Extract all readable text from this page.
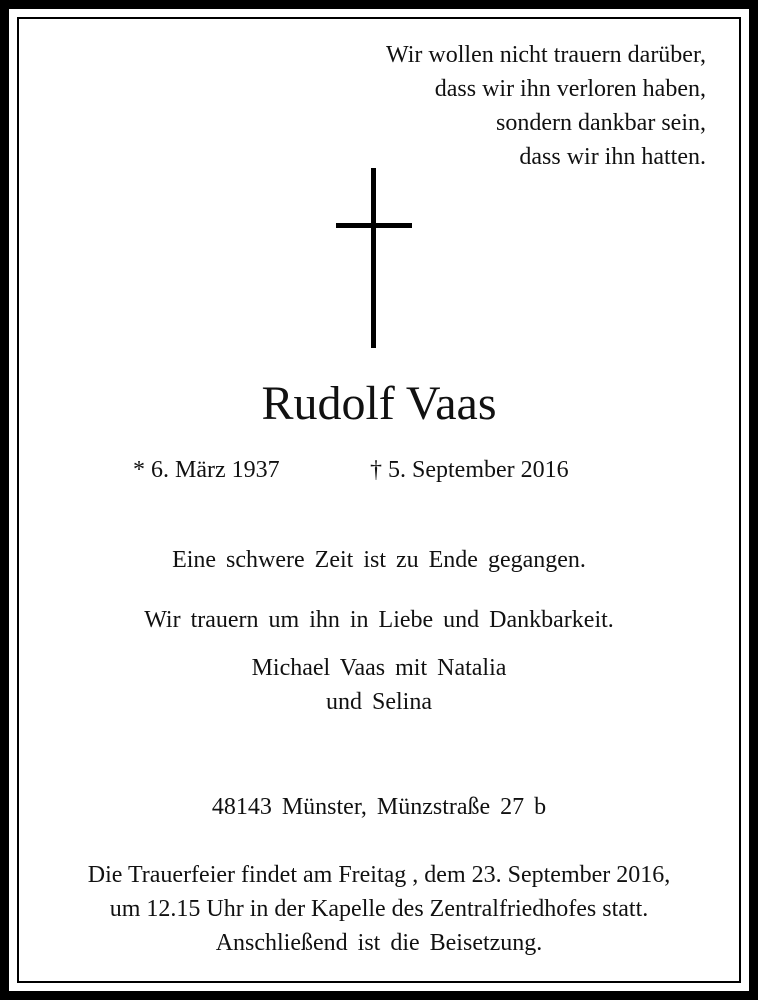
Wir wollen nicht trauern darüber,
dass wir ihn verloren haben,
sondern dankbar sein,
dass wir ihn hatten.
Rudolf Vaas
* 6. März 1937	† 5. September 2016
Eine schwere Zeit ist zu Ende gegangen.
Wir trauern um ihn in Liebe und Dankbarkeit.
Michael Vaas mit Natalia
und Selina
48143 Münster, Münzstraße 27 b
Die Trauerfeier findet am Freitag , dem 23. September 2016,
um 12.15 Uhr in der Kapelle des Zentralfriedhofes statt.
Anschließend ist die Beisetzung.
